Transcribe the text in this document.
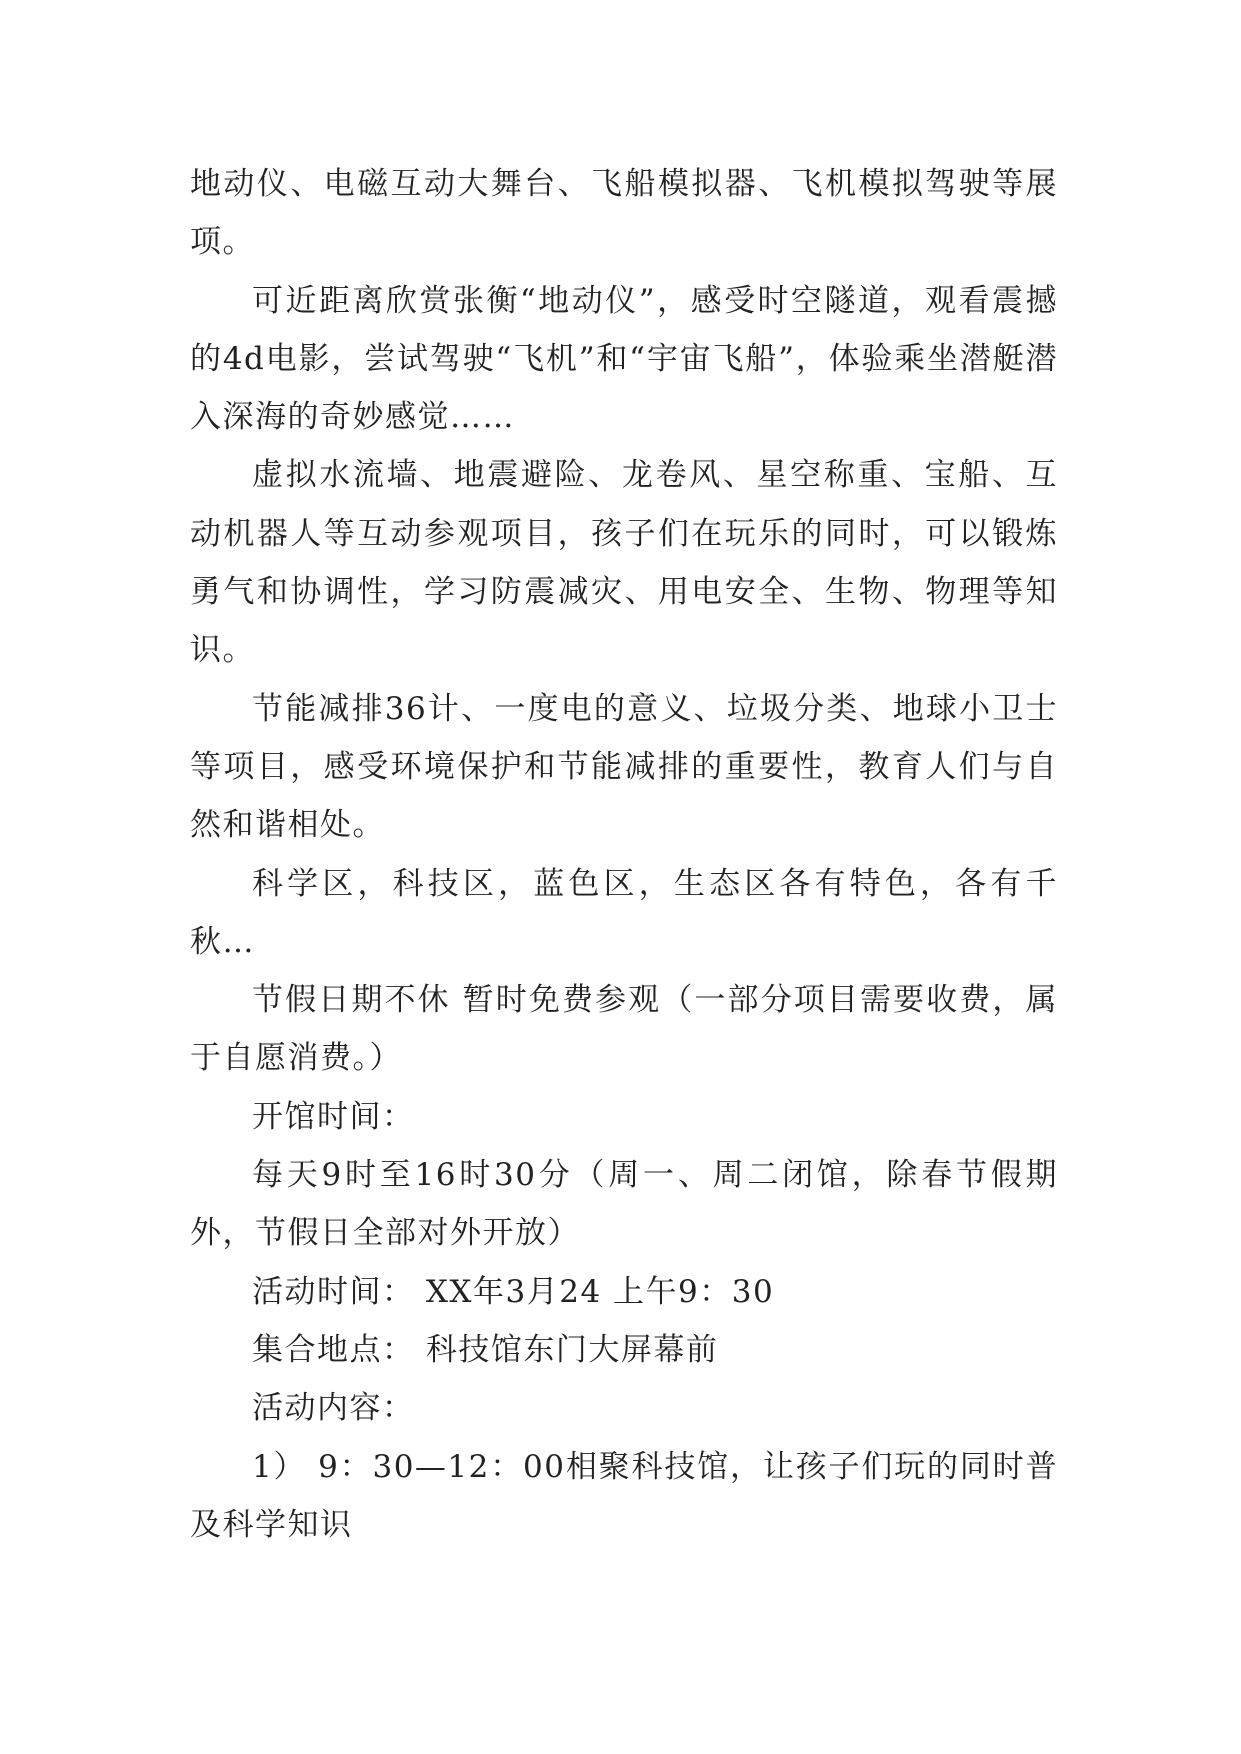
地动仪、电磁互动大舞台、飞船模拟器、飞机模拟驾驶等展项。

可近距离欣赏张衡“地动仪”，感受时空隧道，观看震撼的4d电影，尝试驾驶“飞机”和“宇宙飞船”，体验乘坐潜艇潜入深海的奇妙感觉……

虚拟水流墙、地震避险、龙卷风、星空称重、宝船、互动机器人等互动参观项目，孩子们在玩乐的同时，可以锻炼勇气和协调性，学习防震减灾、用电安全、生物、物理等知识。

节能减排36计、一度电的意义、垃圾分类、地球小卫士等项目，感受环境保护和节能减排的重要性，教育人们与自然和谐相处。

科学区，科技区，蓝色区，生态区各有特色，各有千秋…

节假日期不休 暂时免费参观（一部分项目需要收费，属于自愿消费。）

开馆时间：

每天9时至16时30分（周一、周二闭馆，除春节假期外，节假日全部对外开放）

活动时间： XX年3月24 上午9：30

集合地点： 科技馆东门大屏幕前

活动内容：

1） 9：30—12：00相聚科技馆，让孩子们玩的同时普及科学知识
